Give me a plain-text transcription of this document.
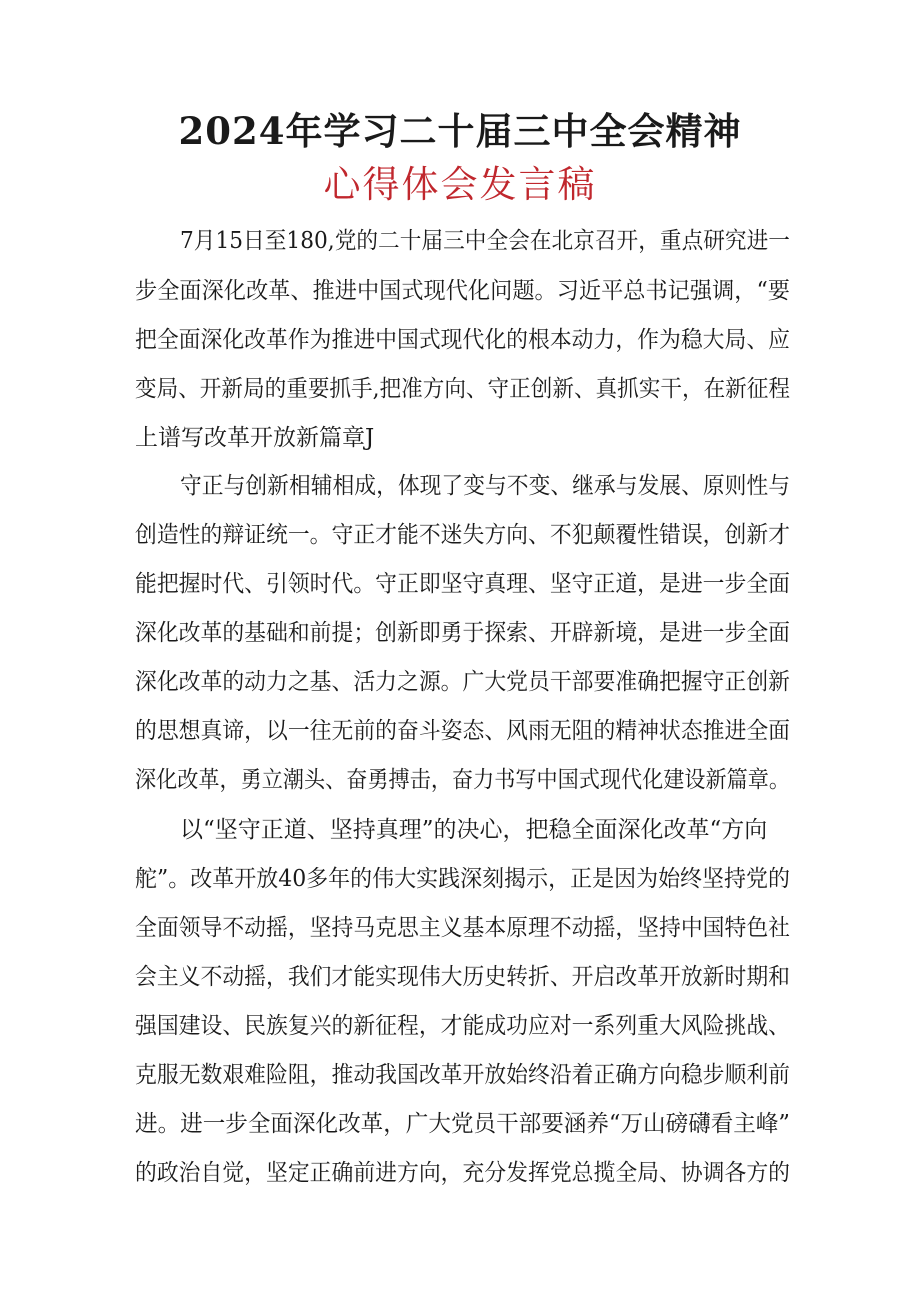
2024年学习二十届三中全会精神
心得体会发言稿
7月15日至180,党的二十届三中全会在北京召开，重点研究进一
步全面深化改革、推进中国式现代化问题。习近平总书记强调，“要
把全面深化改革作为推进中国式现代化的根本动力，作为稳大局、应
变局、开新局的重要抓手,把准方向、守正创新、真抓实干，在新征程
上谱写改革开放新篇章J
守正与创新相辅相成，体现了变与不变、继承与发展、原则性与
创造性的辩证统一。守正才能不迷失方向、不犯颠覆性错误，创新才
能把握时代、引领时代。守正即坚守真理、坚守正道，是进一步全面
深化改革的基础和前提；创新即勇于探索、开辟新境，是进一步全面
深化改革的动力之基、活力之源。广大党员干部要准确把握守正创新
的思想真谛，以一往无前的奋斗姿态、风雨无阻的精神状态推进全面
深化改革，勇立潮头、奋勇搏击，奋力书写中国式现代化建设新篇章。
以“坚守正道、坚持真理”的决心，把稳全面深化改革“方向
舵”。改革开放40多年的伟大实践深刻揭示，正是因为始终坚持党的
全面领导不动摇，坚持马克思主义基本原理不动摇，坚持中国特色社
会主义不动摇，我们才能实现伟大历史转折、开启改革开放新时期和
强国建设、民族复兴的新征程，才能成功应对一系列重大风险挑战、
克服无数艰难险阻，推动我国改革开放始终沿着正确方向稳步顺利前
进。进一步全面深化改革，广大党员干部要涵养“万山磅礴看主峰”
的政治自觉，坚定正确前进方向，充分发挥党总揽全局、协调各方的
